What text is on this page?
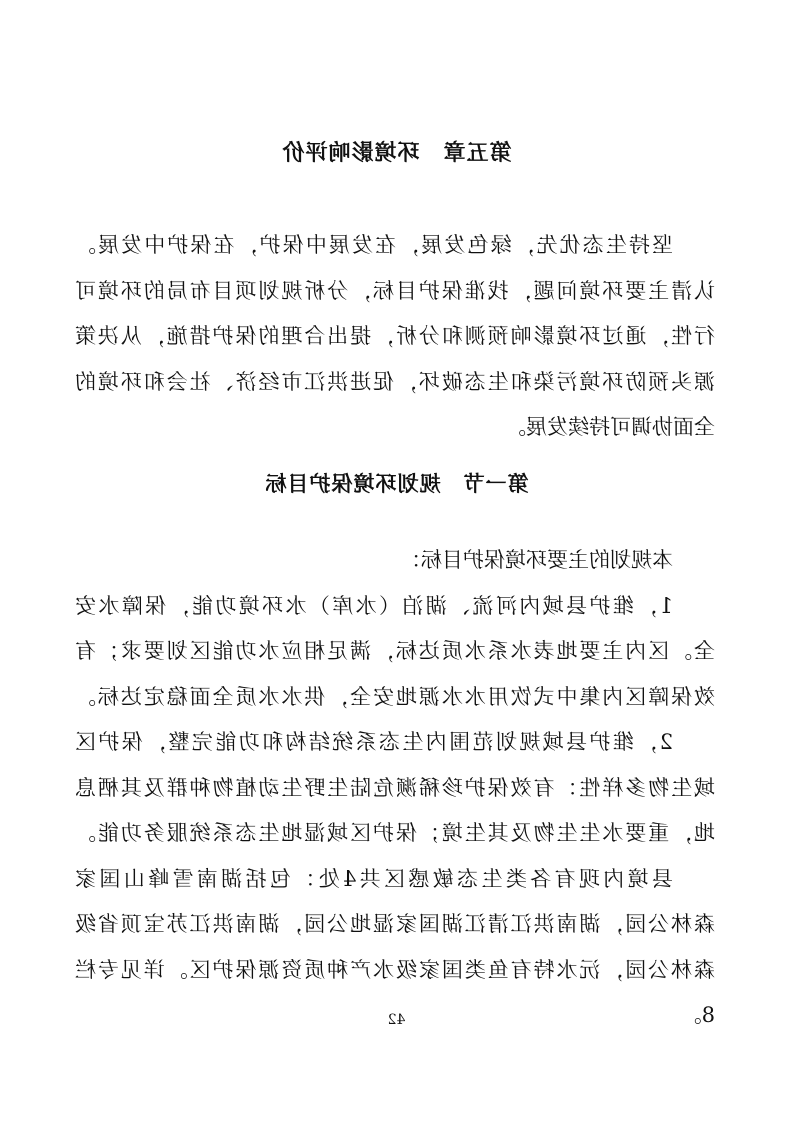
第五章　环境影响评价
坚持生态优先，绿色发展，在发展中保护，在保护中发展。
认清主要环境问题，找准保护目标，分析规划项目布局的环境可
行性，通过环境影响预测和分析，提出合理的保护措施，从决策
源头预防环境污染和生态破坏，促进洪江市经济、社会和环境的
全面协调可持续发展。
第一节　规划环境保护目标
本规划的主要环境保护目标：
1，维护县域内河流、湖泊（水库）水环境功能，保障水安
全。区内主要地表水系水质达标，满足相应水功能区划要求；有
效保障区内集中式饮用水水源地安全，供水水质全面稳定达标。
2，维护县域规划范围内生态系统结构和功能完整，保护区
域生物多样性：有效保护珍稀濒危陆生野生动植物种群及其栖息
地，重要水生生物及其生境；保护区域湿地生态系统服务功能。
县境内现有各类生态敏感区共4处：包括湖南雪峰山国家
森林公园，湖南洪江清江湖国家湿地公园，湖南洪江苏宝顶省级
森林公园，沅水特有鱼类国家级水产种质资源保护区。详见专栏
8。

42
